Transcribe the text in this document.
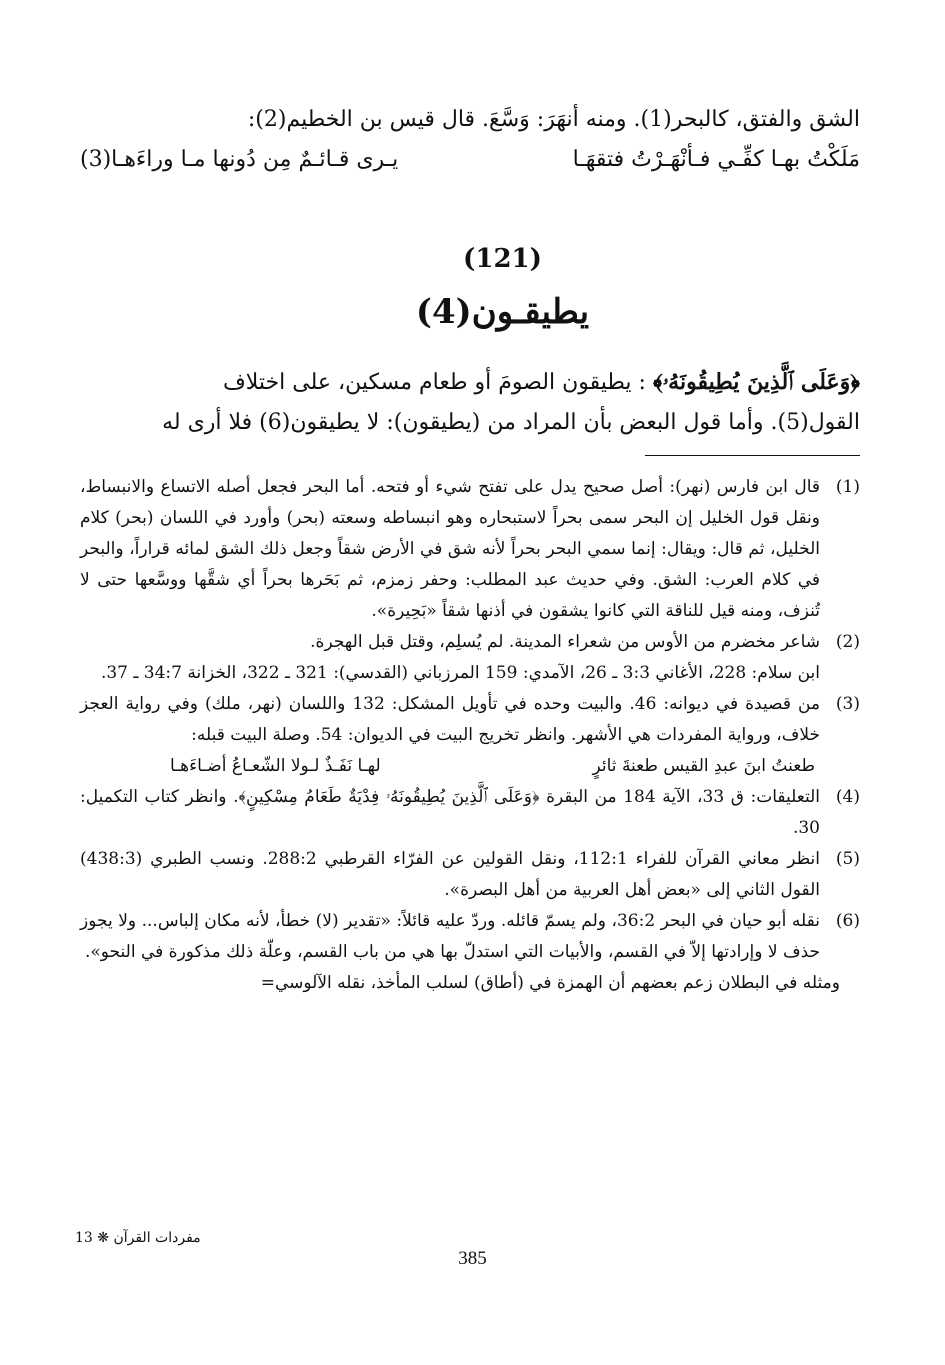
الشق والفتق، كالبحر(1). ومنه أنهَرَ: وَسَّعَ. قال قيس بن الخطيم(2):
مَلَكْتُ بهـا كفِّـي فـأنْهَـرْتُ فتقهَـا
يـرى قـائـمٌ مِن دُونها مـا وراءَهـا(3)
(121)
يطيقـون(4)

﴿وَعَلَى ٱلَّذِينَ يُطِيقُونَهُۥ﴾ : يطيقون الصومَ أو طعام مسكين، على اختلاف

القول(5). وأما قول البعض بأن المراد من (يطيقون): لا يطيقون(6) فلا أرى له

(1)
قال ابن فارس (نهر): أصل صحيح يدل على تفتح شيء أو فتحه. أما البحر فجعل أصله الاتساع والانبساط، ونقل قول الخليل إن البحر سمى بحراً لاستبحاره وهو انبساطه وسعته (بحر) وأورد في اللسان (بحر) كلام الخليل، ثم قال: ويقال: إنما سمي البحر بحراً لأنه شق في الأرض شقاً وجعل ذلك الشق لمائه قراراً، والبحر في كلام العرب: الشق. وفي حديث عبد المطلب: وحفر زمزم، ثم بَحَرها بحراً أي شقَّها ووسَّعها حتى لا تُنزف، ومنه قيل للناقة التي كانوا يشقون في أذنها شقاً «بَحِيرة».
(2)
شاعر مخضرم من الأوس من شعراء المدينة. لم يُسلِم، وقتل قبل الهجرة.

ابن سلام: 228، الأغاني 3:3 ـ 26، الآمدي: 159 المرزباني (القدسي): 321 ـ 322، الخزانة 34:7 ـ 37.

(3)
من قصيدة في ديوانه: 46. والبيت وحده في تأويل المشكل: 132 واللسان (نهر، ملك) وفي رواية العجز خلاف، ورواية المفردات هي الأشهر. وانظر تخريج البيت في الديوان: 54. وصلة البيت قبله:
طعنتُ ابنَ عبدِ القيس طعنةَ ثائرٍ
لهـا نَفَـذٌ لـولا الشّعـاعُ أضـاءَهـا
(4)
التعليقات: ق 33، الآية 184 من البقرة ﴿وَعَلَى ٱلَّذِينَ يُطِيقُونَهُۥ فِدْيَةٌ طَعَامُ مِسْكِينٍ﴾. وانظر كتاب التكميل: 30.
(5)
انظر معاني القرآن للفراء 112:1، ونقل القولين عن الفرّاء القرطبي 288:2. ونسب الطبري (438:3) القول الثاني إلى «بعض أهل العربية من أهل البصرة».
(6)
نقله أبو حيان في البحر 36:2، ولم يسمّ قائله. وردّ عليه قائلاً: «تقدير (لا) خطأ، لأنه مكان إلباس... ولا يجوز حذف لا وإرادتها إلاّ في القسم، والأبيات التي استدلّ بها هي من باب القسم، وعلّة ذلك مذكورة في النحو».

ومثله في البطلان زعم بعضهم أن الهمزة في (أطاق) لسلب المأخذ، نقله الآلوسي=

مفردات القرآن ❋ 13
385
